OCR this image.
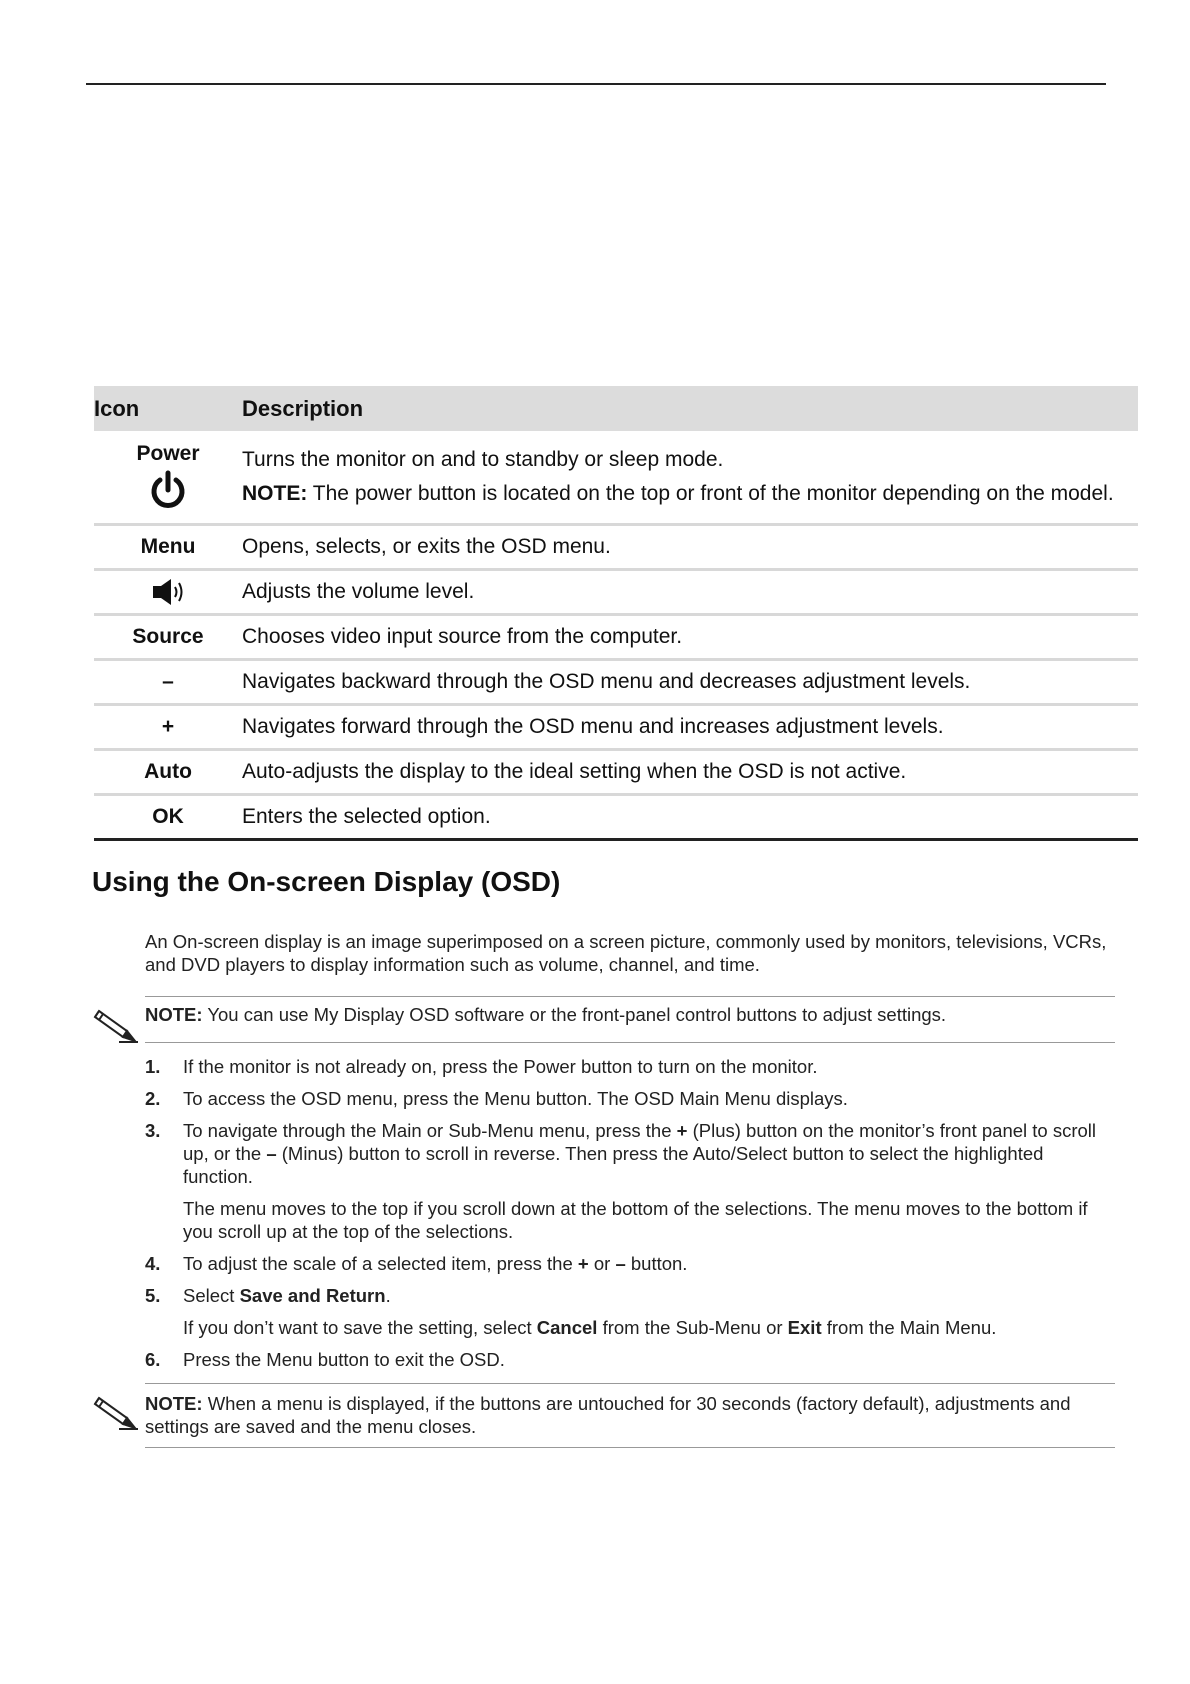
Icon	Description
Power	Turns the monitor on and to standby or sleep mode.
NOTE: The power button is located on the top or front of the monitor depending on the model.

Menu	Opens, selects, or exits the OSD menu.
	Adjusts the volume level.
Source	Chooses video input source from the computer.
–	Navigates backward through the OSD menu and decreases adjustment levels.
+	Navigates forward through the OSD menu and increases adjustment levels.
Auto	Auto-adjusts the display to the ideal setting when the OSD is not active.
OK	Enters the selected option.
Using the On-screen Display (OSD)

An On-screen display is an image superimposed on a screen picture, commonly used by monitors, televisions, VCRs, and DVD players to display information such as volume, channel, and time.

NOTE: You can use My Display OSD software or the front-panel control buttons to adjust settings.

1. If the monitor is not already on, press the Power button to turn on the monitor.

2. To access the OSD menu, press the Menu button. The OSD Main Menu displays.

3. To navigate through the Main or Sub-Menu menu, press the + (Plus) button on the monitor’s front panel to scroll up, or the – (Minus) button to scroll in reverse. Then press the Auto/Select button to select the highlighted function.

The menu moves to the top if you scroll down at the bottom of the selections. The menu moves to the bottom if you scroll up at the top of the selections.

4. To adjust the scale of a selected item, press the + or – button.

5. Select Save and Return.

If you don’t want to save the setting, select Cancel from the Sub-Menu or Exit from the Main Menu.

6. Press the Menu button to exit the OSD.

NOTE: When a menu is displayed, if the buttons are untouched for 30 seconds (factory default), adjustments and settings are saved and the menu closes.
